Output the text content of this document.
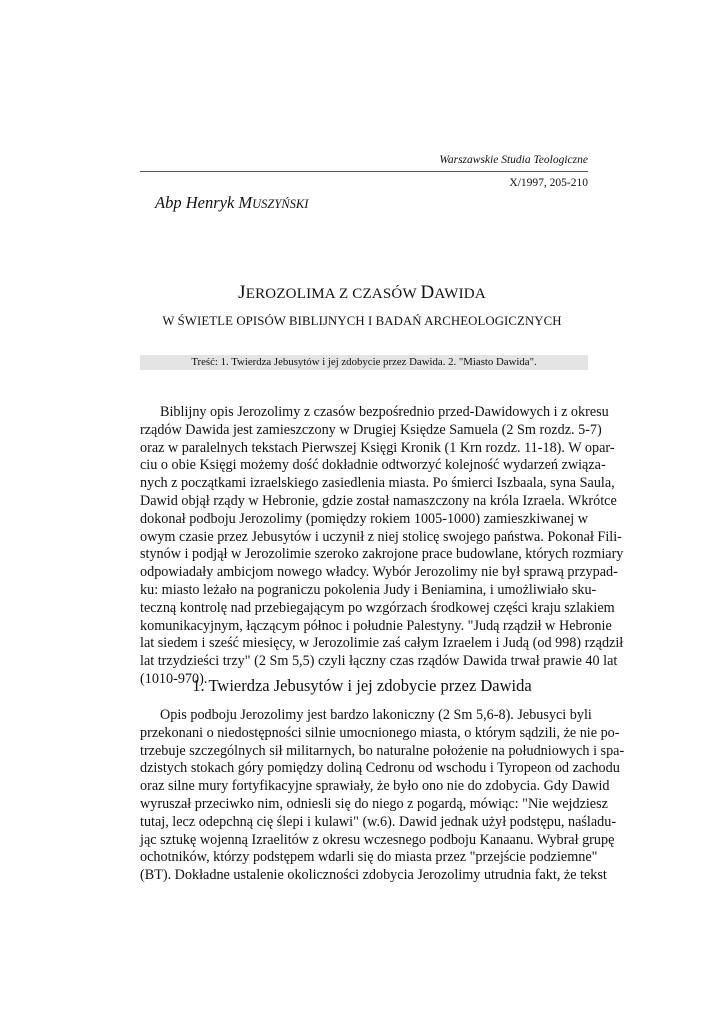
Warszawskie Studia Teologiczne
X/1997, 205-210
Abp Henryk MUSZYŃSKI
JEROZOLIMA Z CZASÓW DAWIDA
W ŚWIETLE OPISÓW BIBLIJNYCH I BADAŃ ARCHEOLOGICZNYCH
Treść: 1. Twierdza Jebusytów i jej zdobycie przez Dawida. 2. "Miasto Dawida".
Biblijny opis Jerozolimy z czasów bezpośrednio przed-Dawidowych i z okresu
rządów Dawida jest zamieszczony w Drugiej Księdze Samuela (2 Sm rozdz. 5-7)
oraz w paralelnych tekstach Pierwszej Księgi Kronik (1 Krn rozdz. 11-18). W opar-
ciu o obie Księgi możemy dość dokładnie odtworzyć kolejność wydarzeń związa-
nych z początkami izraelskiego zasiedlenia miasta. Po śmierci Iszbaala, syna Saula,
Dawid objął rządy w Hebronie, gdzie został namaszczony na króla Izraela. Wkrótce
dokonał podboju Jerozolimy (pomiędzy rokiem 1005-1000) zamieszkiwanej w
owym czasie przez Jebusytów i uczynił z niej stolicę swojego państwa. Pokonał Fili-
stynów i podjął w Jerozolimie szeroko zakrojone prace budowlane, których rozmiary
odpowiadały ambicjom nowego władcy. Wybór Jerozolimy nie był sprawą przypad-
ku: miasto leżało na pograniczu pokolenia Judy i Beniamina, i umożliwiało sku-
teczną kontrolę nad przebiegającym po wzgórzach środkowej części kraju szlakiem
komunikacyjnym, łączącym północ i południe Palestyny. "Judą rządził w Hebronie
lat siedem i sześć miesięcy, w Jerozolimie zaś całym Izraelem i Judą (od 998) rządził
lat trzydzieści trzy" (2 Sm 5,5) czyli łączny czas rządów Dawida trwał prawie 40 lat
(1010-970).
1. Twierdza Jebusytów i jej zdobycie przez Dawida
Opis podboju Jerozolimy jest bardzo lakoniczny (2 Sm 5,6-8). Jebusyci byli
przekonani o niedostępności silnie umocnionego miasta, o którym sądzili, że nie po-
trzebuje szczególnych sił militarnych, bo naturalne położenie na południowych i spa-
dzistych stokach góry pomiędzy doliną Cedronu od wschodu i Tyropeon od zachodu
oraz silne mury fortyfikacyjne sprawiały, że było ono nie do zdobycia. Gdy Dawid
wyruszał przeciwko nim, odniesli się do niego z pogardą, mówiąc: "Nie wejdziesz
tutaj, lecz odepchną cię ślepi i kulawi" (w.6). Dawid jednak użył podstępu, naśladu-
jąc sztukę wojenną Izraelitów z okresu wczesnego podboju Kanaanu. Wybrał grupę
ochotników, którzy podstępem wdarli się do miasta przez "przejście podziemne"
(BT). Dokładne ustalenie okoliczności zdobycia Jerozolimy utrudnia fakt, że tekst
